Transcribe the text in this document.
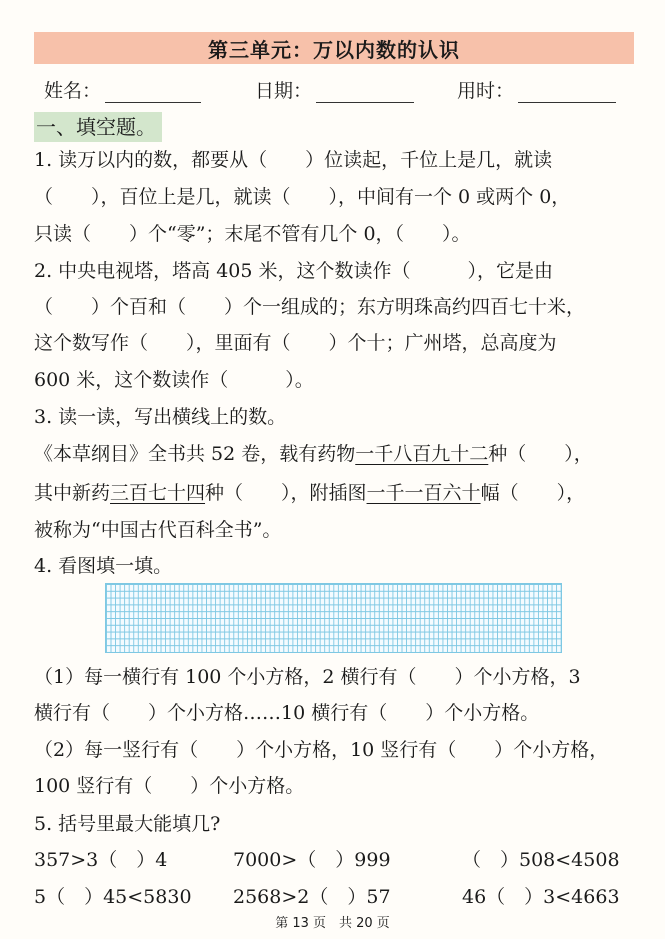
第三单元：万以内数的认识
姓名：	日期：	用时：
一、填空题。
1. 读万以内的数，都要从（　　）位读起，千位上是几，就读
（　　），百位上是几，就读（　　），中间有一个 0 或两个 0，
只读（　　）个“零”；末尾不管有几个 0，（　　）。
2. 中央电视塔，塔高 405 米，这个数读作（　　　），它是由
（　　）个百和（　　）个一组成的；东方明珠高约四百七十米，
这个数写作（　　），里面有（　　）个十；广州塔，总高度为
600 米，这个数读作（　　　）。
3. 读一读，写出横线上的数。
《本草纲目》全书共 52 卷，载有药物一千八百九十二种（　　），
其中新药三百七十四种（　　），附插图一千一百六十幅（　　），
被称为“中国古代百科全书”。
4. 看图填一填。
（1）每一横行有 100 个小方格，2 横行有（　　）个小方格，3
横行有（　　）个小方格……10 横行有（　　）个小方格。
（2）每一竖行有（　　）个小方格，10 竖行有（　　）个小方格，
100 竖行有（　　）个小方格。
5. 括号里最大能填几?
357>3（　）4	7000>（　）999	（　）508<4508
5（　）45<5830 2568>2（　）57	46（　）3<4663
第 13 页　共 20 页
